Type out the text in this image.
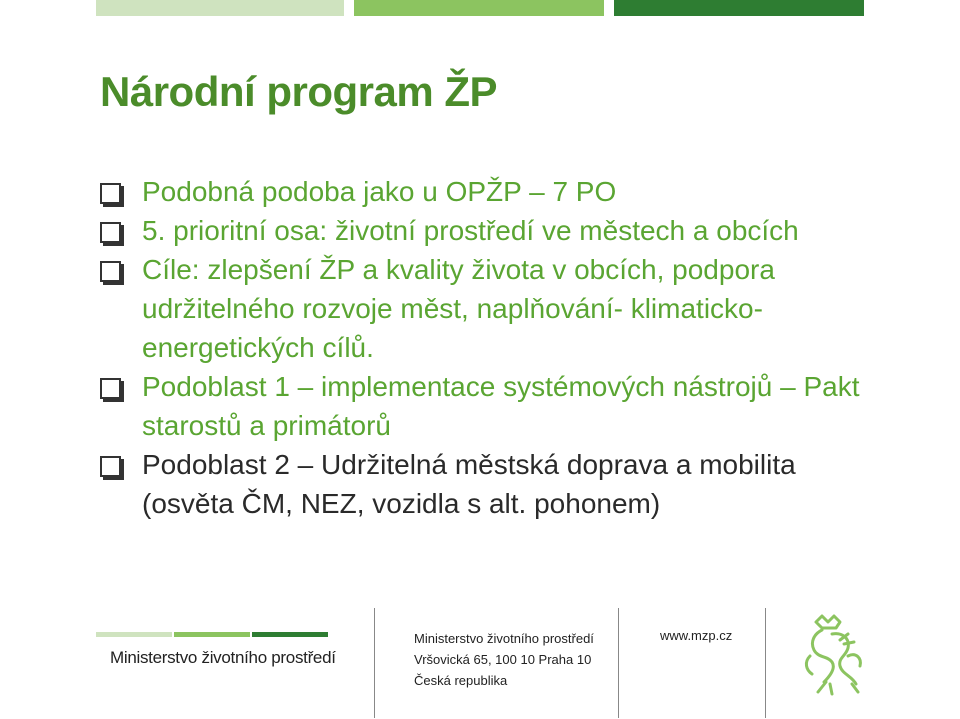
Národní program ŽP
Podobná podoba jako u OPŽP – 7 PO
5. prioritní osa: životní prostředí ve městech a obcích
Cíle: zlepšení ŽP a kvality života v obcích, podpora udržitelného rozvoje měst, naplňování- klimaticko-energetických cílů.
Podoblast 1 – implementace systémových nástrojů – Pakt starostů a primátorů
Podoblast 2 – Udržitelná městská doprava a mobilita (osvěta ČM, NEZ, vozidla s alt. pohonem)
Ministerstvo životního prostředí
Ministerstvo životního prostředí
Vršovická 65, 100 10 Praha 10
Česká republika
www.mzp.cz
